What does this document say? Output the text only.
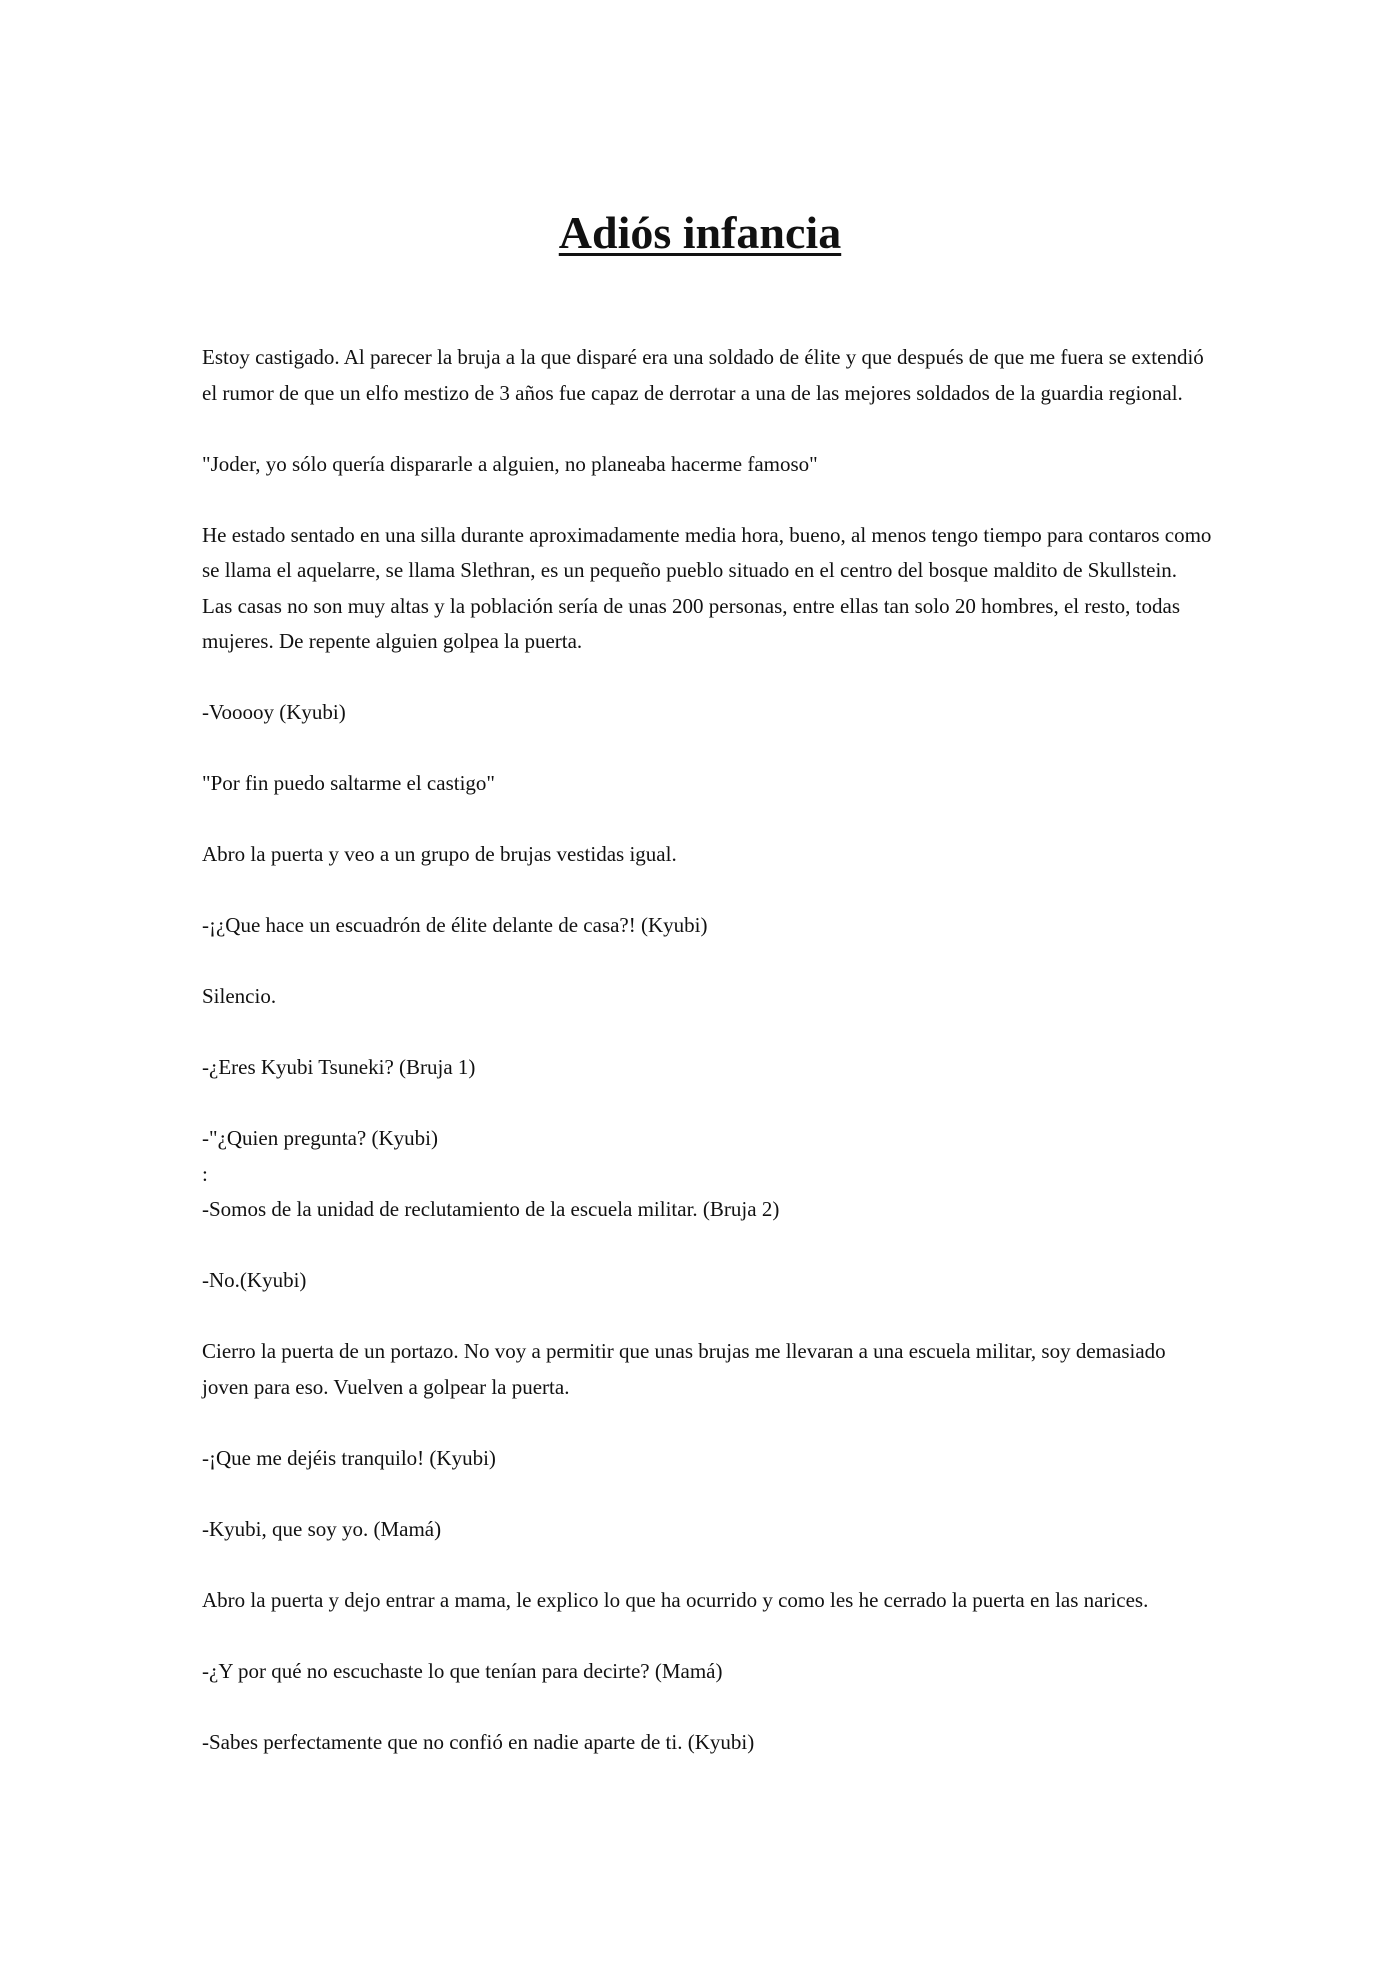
Adiós infancia

Estoy castigado. Al parecer la bruja a la que disparé era una soldado de élite y que después de que me fuera se extendió el rumor de que un elfo mestizo de 3 años fue capaz de derrotar a una de las mejores soldados de la guardia regional.

"Joder, yo sólo quería dispararle a alguien, no planeaba hacerme famoso"

He estado sentado en una silla durante aproximadamente media hora, bueno, al menos tengo tiempo para contaros como se llama el aquelarre, se llama Slethran, es un pequeño pueblo situado en el centro del bosque maldito de Skullstein. Las casas no son muy altas y la población sería de unas 200 personas, entre ellas tan solo 20 hombres, el resto, todas mujeres. De repente alguien golpea la puerta.

-Vooooy (Kyubi)

"Por fin puedo saltarme el castigo"

Abro la puerta y veo a un grupo de brujas vestidas igual.

-¡¿Que hace un escuadrón de élite delante de casa?! (Kyubi)

Silencio.

-¿Eres Kyubi Tsuneki? (Bruja 1)

-"¿Quien pregunta? (Kyubi)

:

-Somos de la unidad de reclutamiento de la escuela militar. (Bruja 2)

-No.(Kyubi)

Cierro la puerta de un portazo. No voy a permitir que unas brujas me llevaran a una escuela militar, soy demasiado joven para eso. Vuelven a golpear la puerta.

-¡Que me dejéis tranquilo! (Kyubi)

-Kyubi, que soy yo. (Mamá)

Abro la puerta y dejo entrar a mama, le explico lo que ha ocurrido y como les he cerrado la puerta en las narices.

-¿Y por qué no escuchaste lo que tenían para decirte? (Mamá)

-Sabes perfectamente que no confió en nadie aparte de ti. (Kyubi)
